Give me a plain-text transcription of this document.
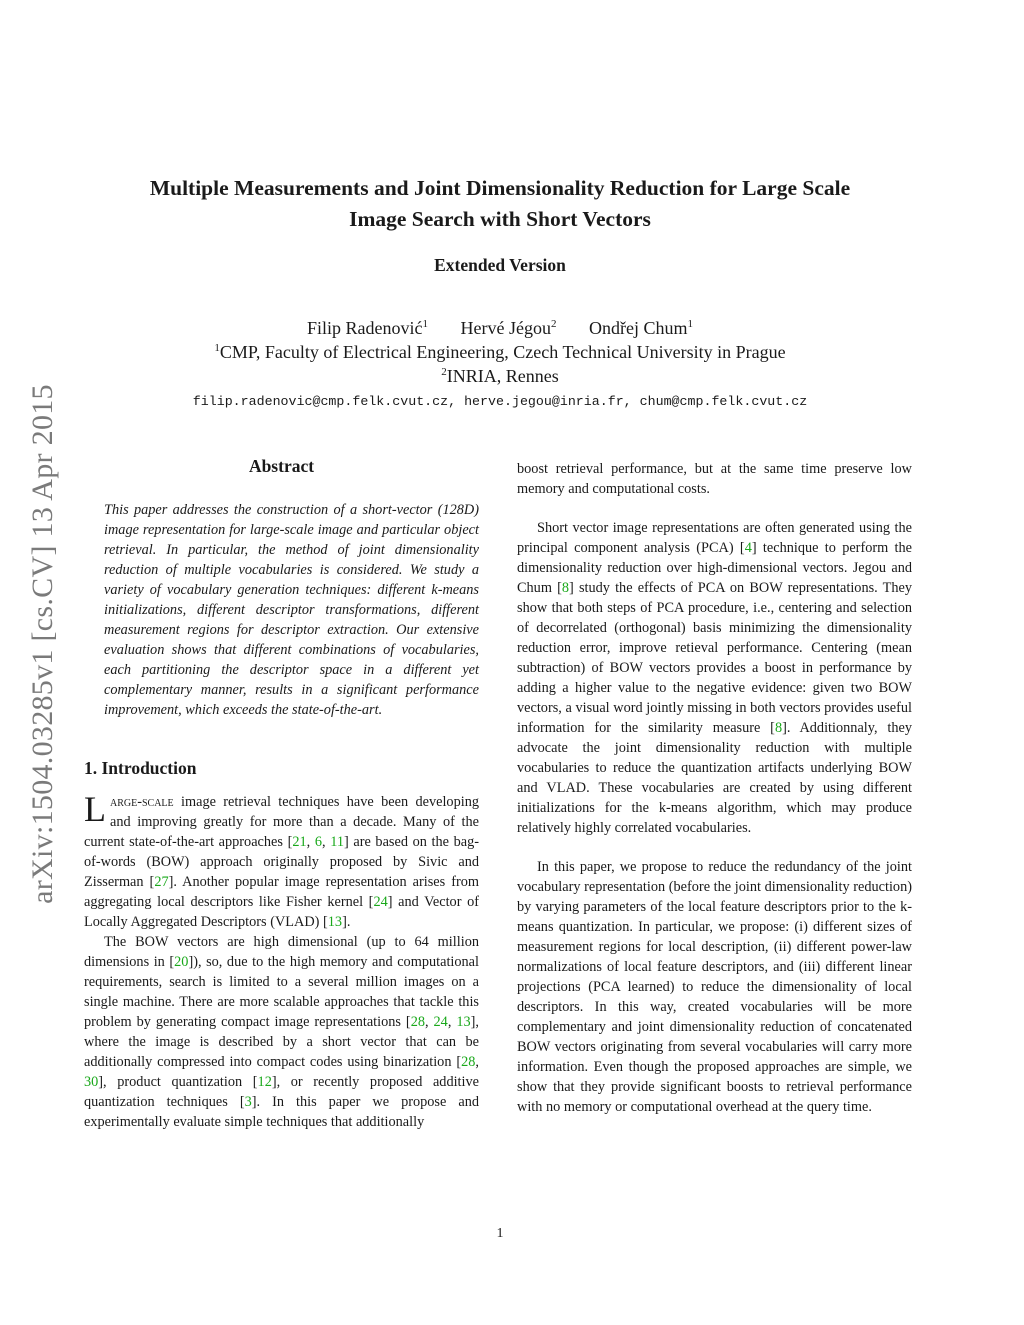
arXiv:1504.03285v1 [cs.CV] 13 Apr 2015
Multiple Measurements and Joint Dimensionality Reduction for Large Scale
Image Search with Short Vectors
Extended Version
Filip Radenović$^1$ Hervé Jégou$^2$ Ondřej Chum$^1$
$^1$CMP, Faculty of Electrical Engineering, Czech Technical University in Prague
$^2$INRIA, Rennes
filip.radenovic@cmp.felk.cvut.cz, herve.jegou@inria.fr, chum@cmp.felk.cvut.cz

Abstract

This paper addresses the construction of a short-vector (128D) image representation for large-scale image and particular object retrieval. In particular, the method of joint dimensionality reduction of multiple vocabularies is considered. We study a variety of vocabulary generation techniques: different k-means initializations, different descriptor transformations, different measurement regions for descriptor extraction. Our extensive evaluation shows that different combinations of vocabularies, each partitioning the descriptor space in a different yet complementary manner, results in a significant performance improvement, which exceeds the state-of-the-art.

1. Introduction

Large-scale image retrieval techniques have been developing and improving greatly for more than a decade. Many of the current state-of-the-art approaches [21, 6, 11] are based on the bag-of-words (BOW) approach originally proposed by Sivic and Zisserman [27]. Another popular image representation arises from aggregating local descriptors like Fisher kernel [24] and Vector of Locally Aggregated Descriptors (VLAD) [13].

The BOW vectors are high dimensional (up to 64 million dimensions in [20]), so, due to the high memory and computational requirements, search is limited to a several million images on a single machine. There are more scalable approaches that tackle this problem by generating compact image representations [28, 24, 13], where the image is described by a short vector that can be additionally compressed into compact codes using binarization [28, 30], product quantization [12], or recently proposed additive quantization techniques [3]. In this paper we propose and experimentally evaluate simple techniques that additionally

boost retrieval performance, but at the same time preserve low memory and computational costs.

Short vector image representations are often generated using the principal component analysis (PCA) [4] technique to perform the dimensionality reduction over high-dimensional vectors. Jegou and Chum [8] study the effects of PCA on BOW representations. They show that both steps of PCA procedure, i.e., centering and selection of decorrelated (orthogonal) basis minimizing the dimensionality reduction error, improve retieval performance. Centering (mean subtraction) of BOW vectors provides a boost in performance by adding a higher value to the negative evidence: given two BOW vectors, a visual word jointly missing in both vectors provides useful information for the similarity measure [8]. Additionnaly, they advocate the joint dimensionality reduction with multiple vocabularies to reduce the quantization artifacts underlying BOW and VLAD. These vocabularies are created by using different initializations for the k-means algorithm, which may produce relatively highly correlated vocabularies.

In this paper, we propose to reduce the redundancy of the joint vocabulary representation (before the joint dimensionality reduction) by varying parameters of the local feature descriptors prior to the k-means quantization. In particular, we propose: (i) different sizes of measurement regions for local description, (ii) different power-law normalizations of local feature descriptors, and (iii) different linear projections (PCA learned) to reduce the dimensionality of local descriptors. In this way, created vocabularies will be more complementary and joint dimensionality reduction of concatenated BOW vectors originating from several vocabularies will carry more information. Even though the proposed approaches are simple, we show that they provide significant boosts to retrieval performance with no memory or computational overhead at the query time.

1
